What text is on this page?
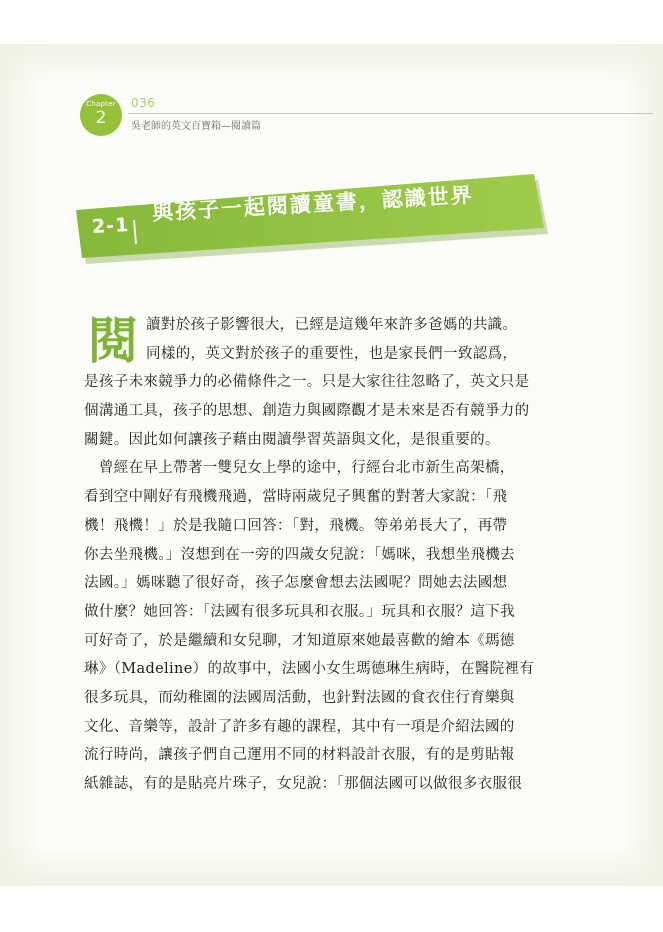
Chapter
2
036
吳老師的英文百寶箱—閱讀篇
2-1
與孩子一起閱讀童書，認識世界
閱 讀對於孩子影響很大，已經是這幾年來許多爸媽的共識。
同樣的，英文對於孩子的重要性，也是家長們一致認爲，
是孩子未來競爭力的必備條件之一。只是大家往往忽略了，英文只是
個溝通工具，孩子的思想、創造力與國際觀才是未來是否有競爭力的
關鍵。因此如何讓孩子藉由閱讀學習英語與文化，是很重要的。
　曾經在早上帶著一雙兒女上學的途中，行經台北市新生高架橋，
看到空中剛好有飛機飛過，當時兩歲兒子興奮的對著大家說：「飛
機！飛機！」於是我隨口回答：「對，飛機。等弟弟長大了，再帶
你去坐飛機。」沒想到在一旁的四歲女兒說：「媽咪，我想坐飛機去
法國。」媽咪聽了很好奇，孩子怎麼會想去法國呢？問她去法國想
做什麼？她回答：「法國有很多玩具和衣服。」玩具和衣服？這下我
可好奇了，於是繼續和女兒聊，才知道原來她最喜歡的繪本《瑪德
琳》（Madeline）的故事中，法國小女生瑪德琳生病時，在醫院裡有
很多玩具，而幼稚園的法國周活動，也針對法國的食衣住行育樂與
文化、音樂等，設計了許多有趣的課程，其中有一項是介紹法國的
流行時尚，讓孩子們自己運用不同的材料設計衣服，有的是剪貼報
紙雜誌，有的是貼亮片珠子，女兒說：「那個法國可以做很多衣服很
